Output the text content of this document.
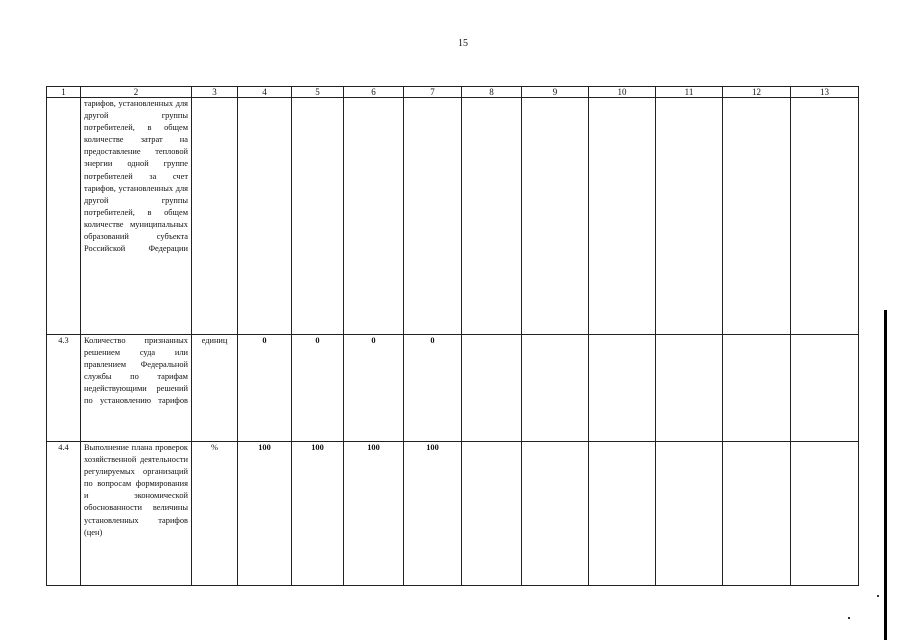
15
1	2	3	4	5	6	7	8	9	10	11	12	13
	тарифов, установленных для другой группы потребителей, в общем количестве затрат на предоставление тепловой энергии одной группе потребителей за счет тарифов, установленных для другой группы потребителей, в общем количестве муниципальных образований субъекта Российской Федерации											
4.3	Количество признанных решением суда или правлением Федеральной службы по тарифам недействующими решений по установлению тарифов	единиц	0	0	0	0						
4.4	Выполнение плана проверок хозяйственной деятельности регулируемых организаций по вопросам формирования и экономической обоснованности величины установленных тарифов (цен)	%	100	100	100	100						
